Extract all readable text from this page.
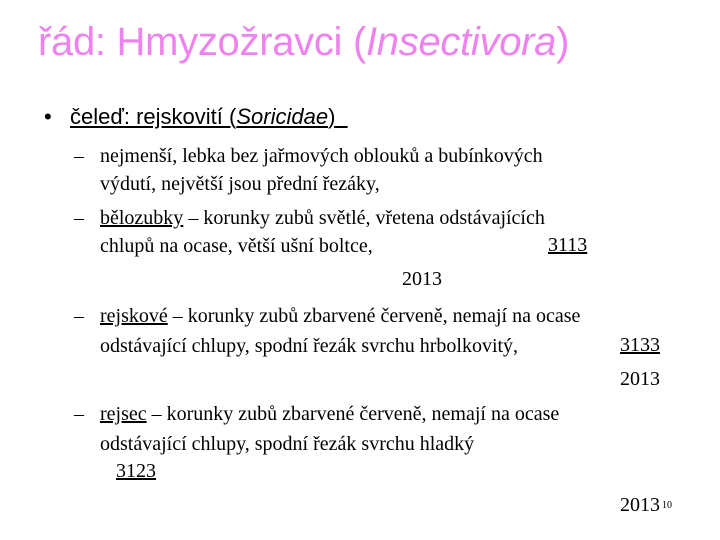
řád: Hmyzožravci (Insectivora)
• čeleď: rejskovití (Soricidae)
– nejmenší, lebka bez jařmových oblouků a bubínkových
výdutí, největší jsou přední řezáky,
– bělozubky – korunky zubů světlé, vřetena odstávajících
chlupů na ocase, větší ušní boltce,	3113
2013
– rejskové – korunky zubů zbarvené červeně, nemají na ocase
odstávající chlupy, spodní řezák svrchu hrbolkovitý,	3133
2013
– rejsec – korunky zubů zbarvené červeně, nemají na ocase
odstávající chlupy, spodní řezák svrchu hladký
3123
2013 10
